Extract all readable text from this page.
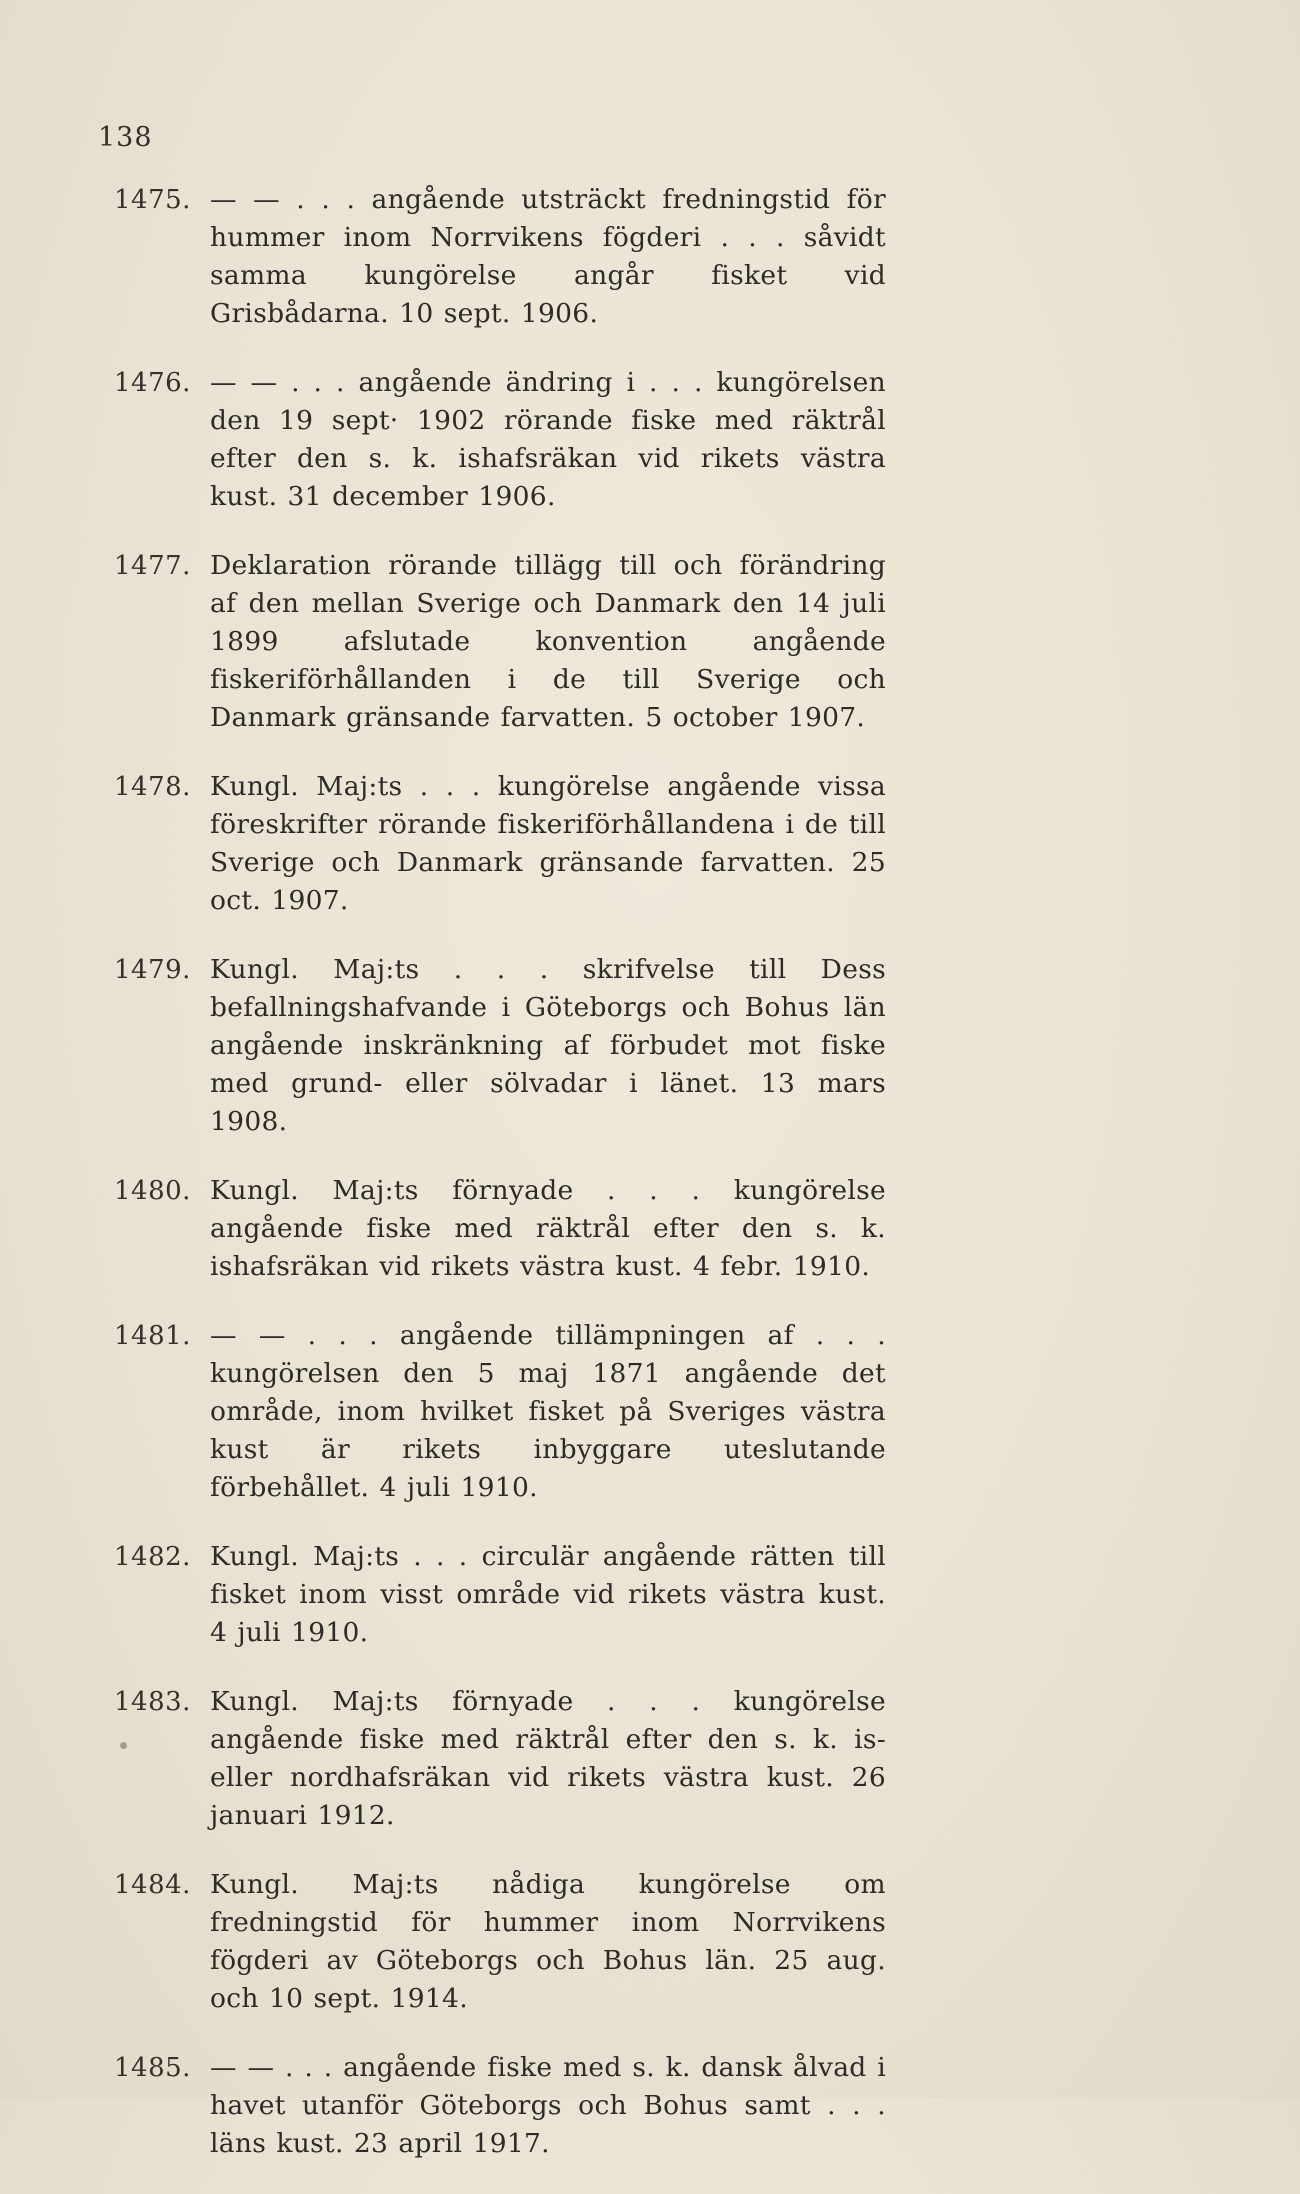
138
1475. — — . . . angående utsträckt fredningstid för hummer inom Norrvikens fögderi . . . såvidt samma kungörelse angår fisket vid Grisbådarna. 10 sept. 1906.
1476. — — . . . angående ändring i . . . kungörelsen den 19 sept· 1902 rörande fiske med räktrål efter den s. k. ishafsräkan vid rikets västra kust. 31 december 1906.
1477. Deklaration rörande tillägg till och förändring af den mellan Sverige och Danmark den 14 juli 1899 afslutade konvention angående fiskeriförhållanden i de till Sverige och Danmark gränsande farvatten. 5 october 1907.
1478. Kungl. Maj:ts . . . kungörelse angående vissa föreskrifter rörande fiskeriförhållandena i de till Sverige och Danmark gränsande farvatten. 25 oct. 1907.
1479. Kungl. Maj:ts . . . skrifvelse till Dess befallningshafvande i Göteborgs och Bohus län angående inskränkning af förbudet mot fiske med grund- eller sölvadar i länet. 13 mars 1908.
1480. Kungl. Maj:ts förnyade . . . kungörelse angående fiske med räktrål efter den s. k. ishafsräkan vid rikets västra kust. 4 febr. 1910.
1481. — — . . . angående tillämpningen af . . . kungörelsen den 5 maj 1871 angående det område, inom hvilket fisket på Sveriges västra kust är rikets inbyggare uteslutande förbehållet. 4 juli 1910.
1482. Kungl. Maj:ts . . . circulär angående rätten till fisket inom visst område vid rikets västra kust. 4 juli 1910.
1483. Kungl. Maj:ts förnyade . . . kungörelse angående fiske med räktrål efter den s. k. is- eller nordhafsräkan vid rikets västra kust. 26 januari 1912.
1484. Kungl. Maj:ts nådiga kungörelse om fredningstid för hummer inom Norrvikens fögderi av Göteborgs och Bohus län. 25 aug. och 10 sept. 1914.
1485. — — . . . angående fiske med s. k. dansk ålvad i havet utanför Göteborgs och Bohus samt . . . läns kust. 23 april 1917.
